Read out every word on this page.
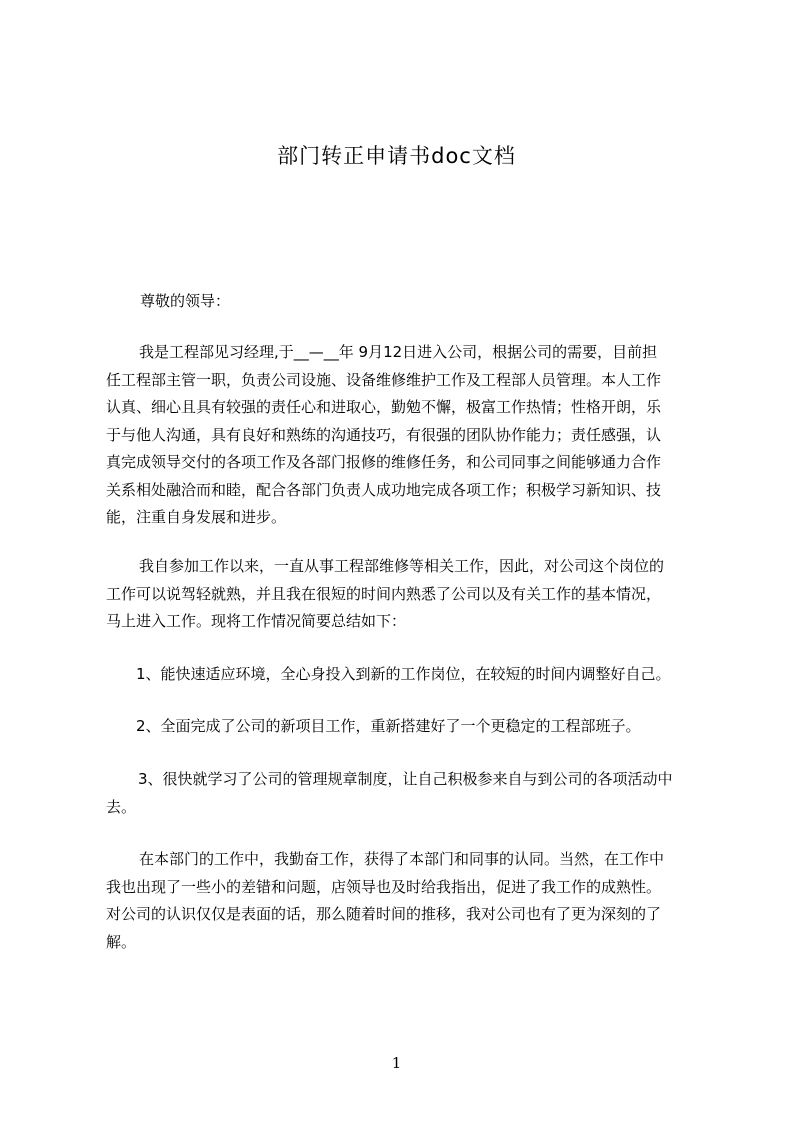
部门转正申请书doc文档
尊敬的领导：
我是工程部见习经理,于__—__年 9月12日进入公司，根据公司的需要，目前担
任工程部主管一职，负责公司设施、设备维修维护工作及工程部人员管理。本人工作
认真、细心且具有较强的责任心和进取心，勤勉不懈，极富工作热情；性格开朗，乐
于与他人沟通，具有良好和熟练的沟通技巧，有很强的团队协作能力；责任感强，认
真完成领导交付的各项工作及各部门报修的维修任务，和公司同事之间能够通力合作
关系相处融洽而和睦，配合各部门负责人成功地完成各项工作；积极学习新知识、技
能，注重自身发展和进步。
我自参加工作以来，一直从事工程部维修等相关工作，因此，对公司这个岗位的
工作可以说驾轻就熟，并且我在很短的时间内熟悉了公司以及有关工作的基本情况，
马上进入工作。现将工作情况简要总结如下：
1、能快速适应环境，全心身投入到新的工作岗位，在较短的时间内调整好自己。
2、全面完成了公司的新项目工作，重新搭建好了一个更稳定的工程部班子。
3、很快就学习了公司的管理规章制度，让自己积极参来自与到公司的各项活动中
去。
在本部门的工作中，我勤奋工作，获得了本部门和同事的认同。当然，在工作中
我也出现了一些小的差错和问题，店领导也及时给我指出，促进了我工作的成熟性。
对公司的认识仅仅是表面的话，那么随着时间的推移，我对公司也有了更为深刻的了
解。
1
